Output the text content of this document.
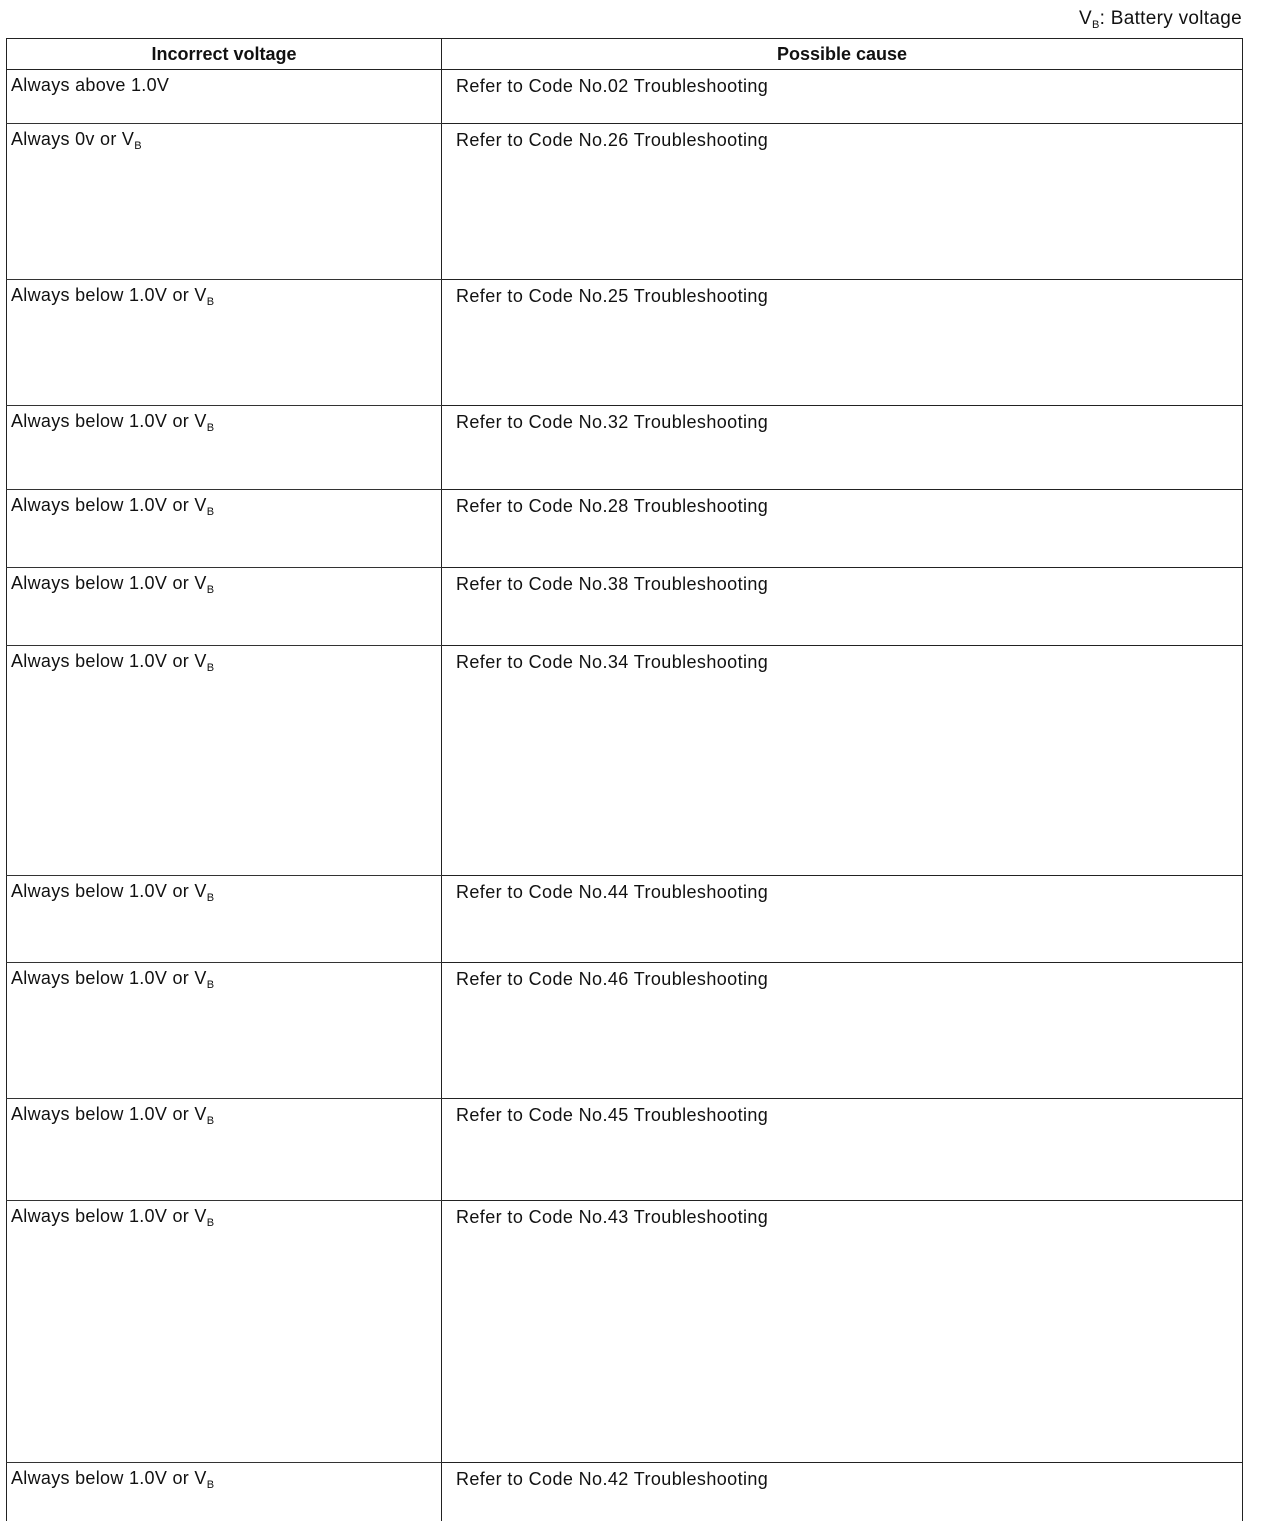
$V_B$: Battery voltage
Incorrect voltage	Possible cause
Always above 1.0V	Refer to Code No.02 Troubleshooting
Always 0v or $V_B$	Refer to Code No.26 Troubleshooting
Always below 1.0V or $V_B$	Refer to Code No.25 Troubleshooting
Always below 1.0V or $V_B$	Refer to Code No.32 Troubleshooting
Always below 1.0V or $V_B$	Refer to Code No.28 Troubleshooting
Always below 1.0V or $V_B$	Refer to Code No.38 Troubleshooting
Always below 1.0V or $V_B$	Refer to Code No.34 Troubleshooting
Always below 1.0V or $V_B$	Refer to Code No.44 Troubleshooting
Always below 1.0V or $V_B$	Refer to Code No.46 Troubleshooting
Always below 1.0V or $V_B$	Refer to Code No.45 Troubleshooting
Always below 1.0V or $V_B$	Refer to Code No.43 Troubleshooting
Always below 1.0V or $V_B$	Refer to Code No.42 Troubleshooting
